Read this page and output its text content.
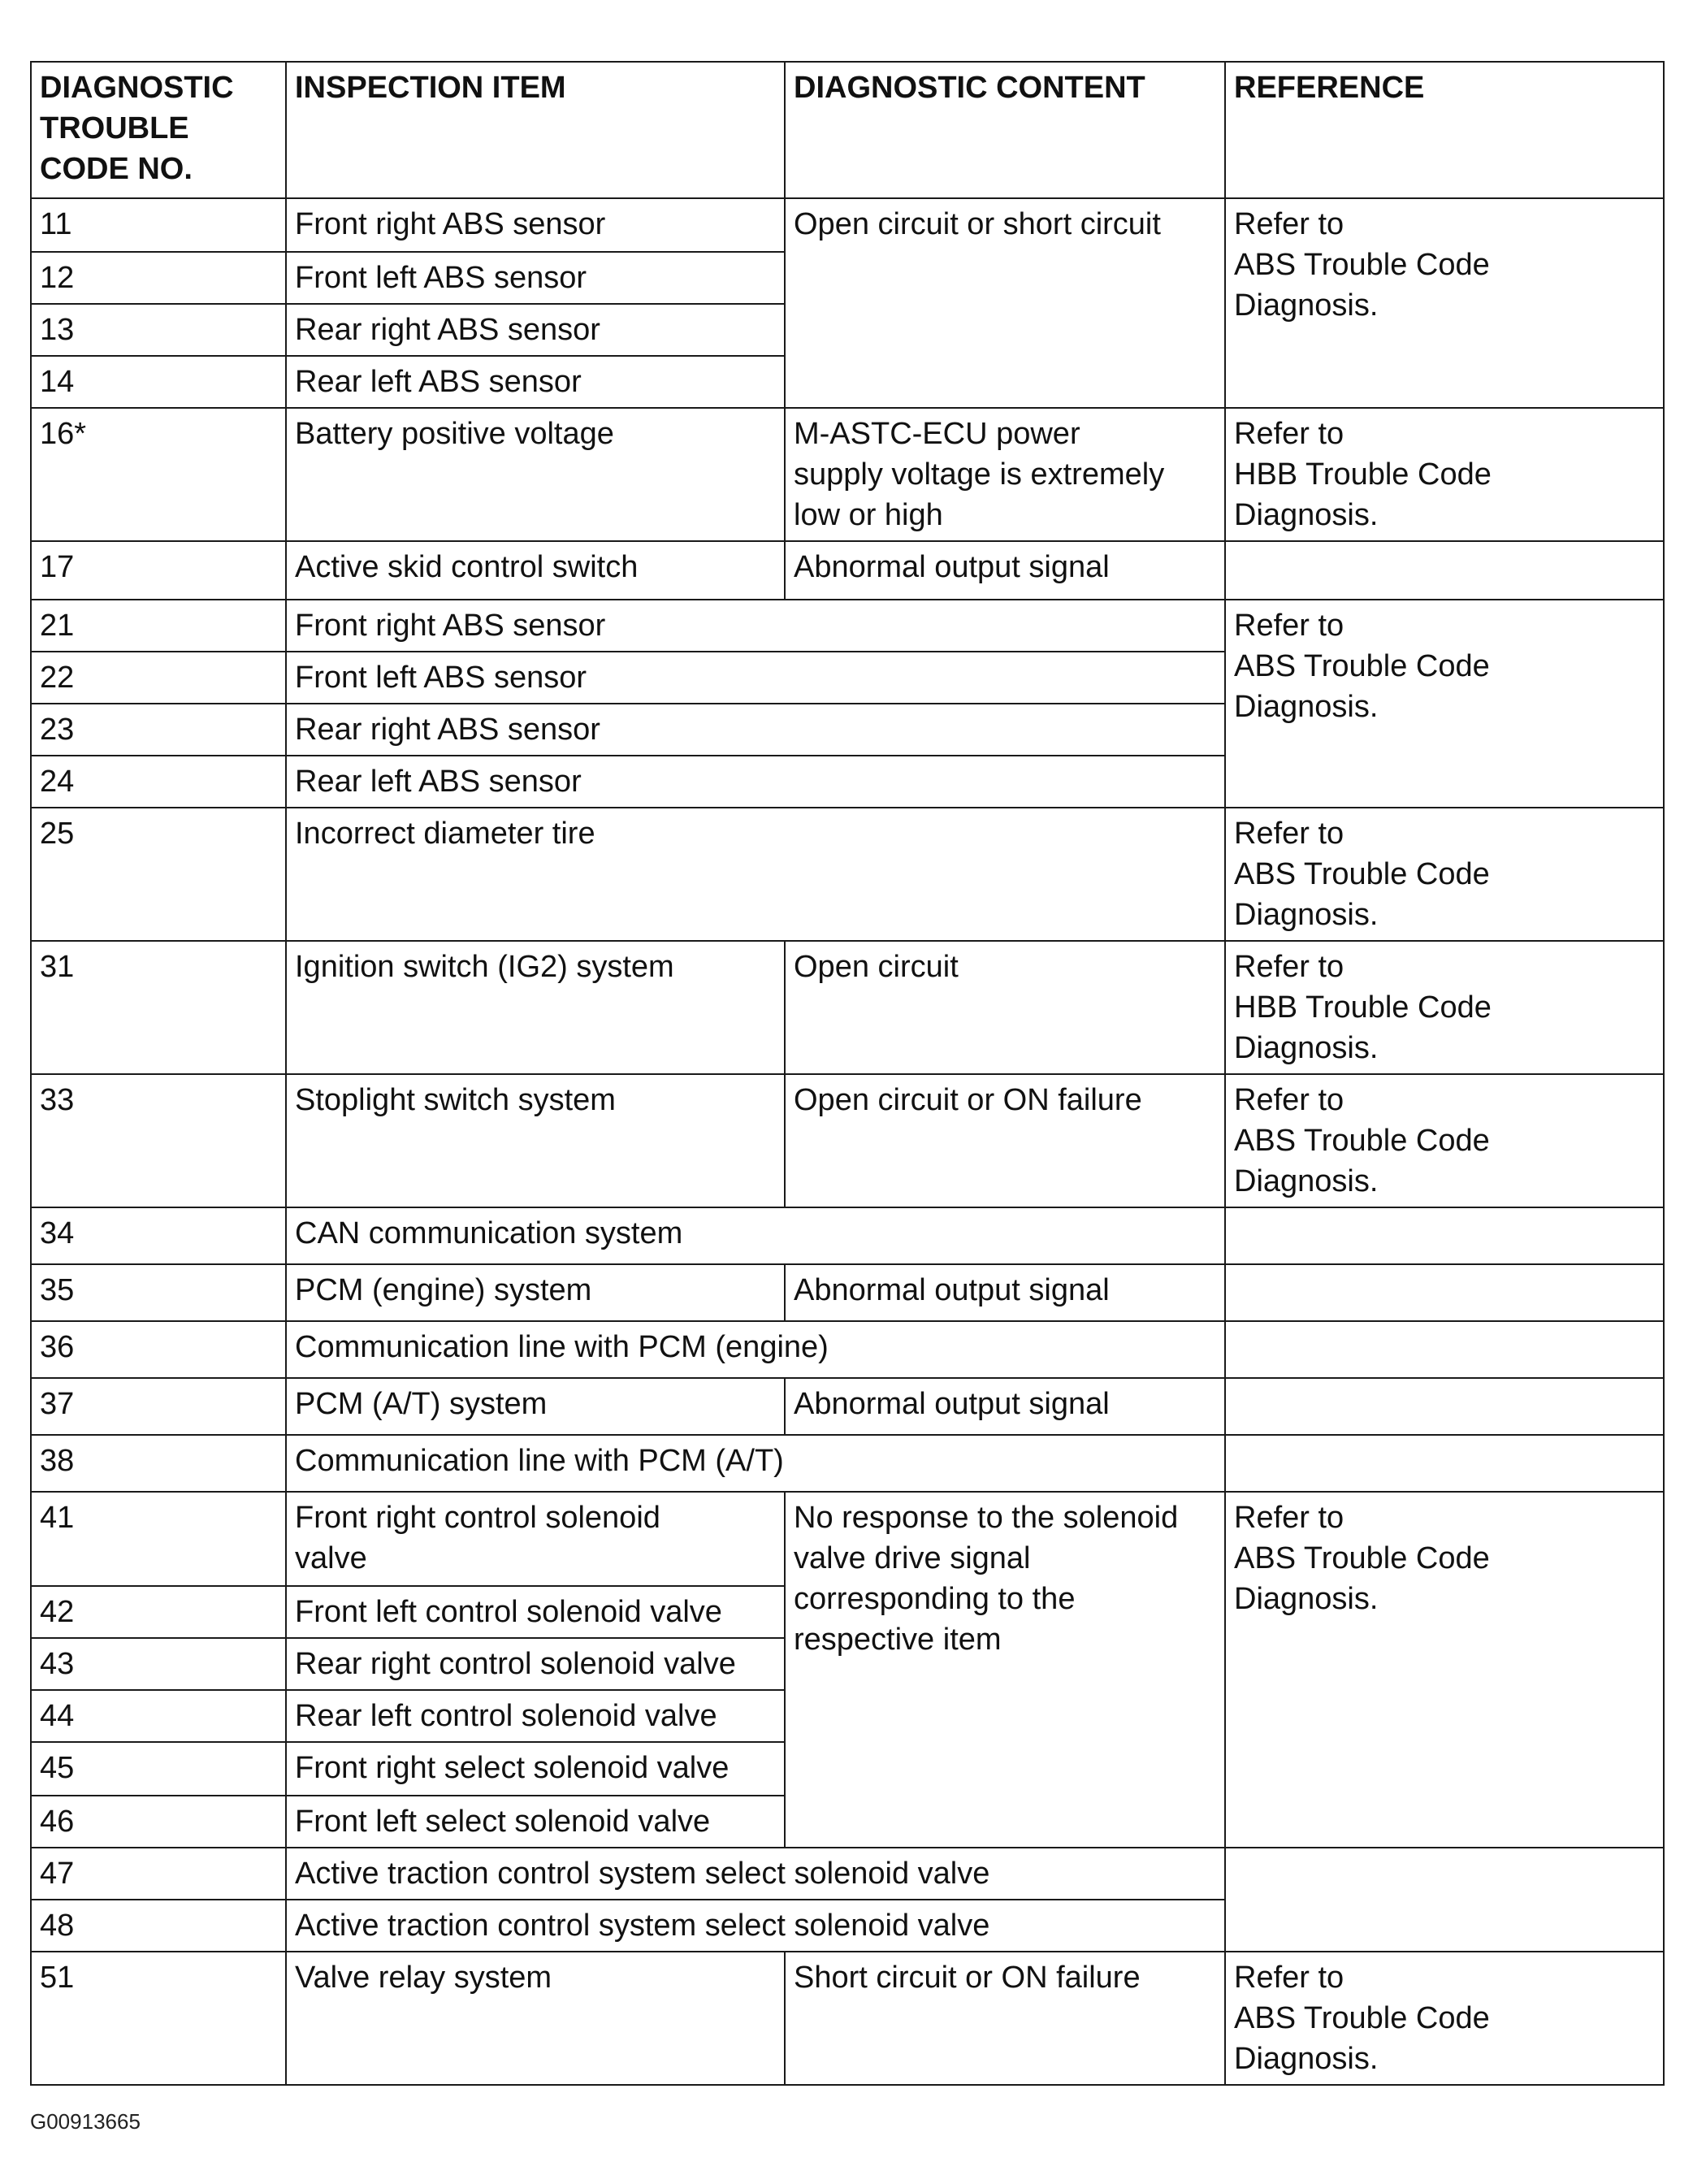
DIAGNOSTIC
TROUBLE
CODE NO.	INSPECTION ITEM	DIAGNOSTIC CONTENT	REFERENCE
11	Front right ABS sensor	Open circuit or short circuit	Refer to
ABS Trouble Code
Diagnosis.
12	Front left ABS sensor		
13	Rear right ABS sensor		
14	Rear left ABS sensor		
16*	Battery positive voltage	M-ASTC-ECU power
supply voltage is extremely
low or high	Refer to
HBB Trouble Code
Diagnosis.
17	Active skid control switch	Abnormal output signal	
21	Front right ABS sensor		Refer to
ABS Trouble Code
Diagnosis.
22	Front left ABS sensor		
23	Rear right ABS sensor		
24	Rear left ABS sensor		
25	Incorrect diameter tire		Refer to
ABS Trouble Code
Diagnosis.
31	Ignition switch (IG2) system	Open circuit	Refer to
HBB Trouble Code
Diagnosis.
33	Stoplight switch system	Open circuit or ON failure	Refer to
ABS Trouble Code
Diagnosis.
34	CAN communication system		
35	PCM (engine) system	Abnormal output signal	
36	Communication line with PCM (engine)		
37	PCM (A/T) system	Abnormal output signal	
38	Communication line with PCM (A/T)		
41	Front right control solenoid
valve	No response to the solenoid
valve drive signal
corresponding to the
respective item	Refer to
ABS Trouble Code
Diagnosis.
42	Front left control solenoid valve		
43	Rear right control solenoid valve		
44	Rear left control solenoid valve		
45	Front right select solenoid valve		
46	Front left select solenoid valve		
47	Active traction control system select solenoid valve		
48	Active traction control system select solenoid valve		
51	Valve relay system	Short circuit or ON failure	Refer to
ABS Trouble Code
Diagnosis.
G00913665
